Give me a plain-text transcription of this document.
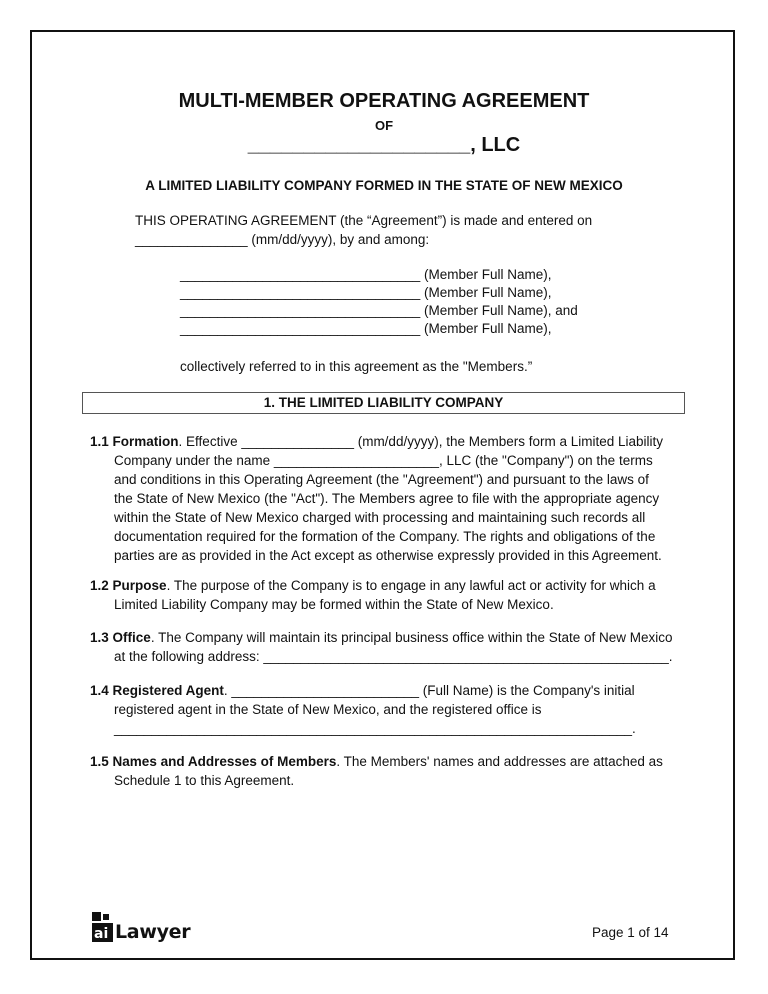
MULTI-MEMBER OPERATING AGREEMENT
OF
____________________, LLC
A LIMITED LIABILITY COMPANY FORMED IN THE STATE OF NEW MEXICO
THIS OPERATING AGREEMENT (the “Agreement”) is made and entered on
_______________ (mm/dd/yyyy), by and among:
________________________________ (Member Full Name),
________________________________ (Member Full Name),
________________________________ (Member Full Name), and
________________________________ (Member Full Name),
collectively referred to in this agreement as the "Members.”
1. THE LIMITED LIABILITY COMPANY
1.1 Formation. Effective _______________ (mm/dd/yyyy), the Members form a Limited Liability
Company under the name ______________________, LLC (the "Company") on the terms
and conditions in this Operating Agreement (the "Agreement") and pursuant to the laws of
the State of New Mexico (the "Act"). The Members agree to file with the appropriate agency
within the State of New Mexico charged with processing and maintaining such records all
documentation required for the formation of the Company. The rights and obligations of the
parties are as provided in the Act except as otherwise expressly provided in this Agreement.
1.2 Purpose. The purpose of the Company is to engage in any lawful act or activity for which a
Limited Liability Company may be formed within the State of New Mexico.
1.3 Office. The Company will maintain its principal business office within the State of New Mexico
at the following address: ______________________________________________________.
1.4 Registered Agent. _________________________ (Full Name) is the Company's initial
registered agent in the State of New Mexico, and the registered office is
_____________________________________________________________________.
1.5 Names and Addresses of Members. The Members' names and addresses are attached as
Schedule 1 to this Agreement.
ai Lawyer	Page 1 of 14
